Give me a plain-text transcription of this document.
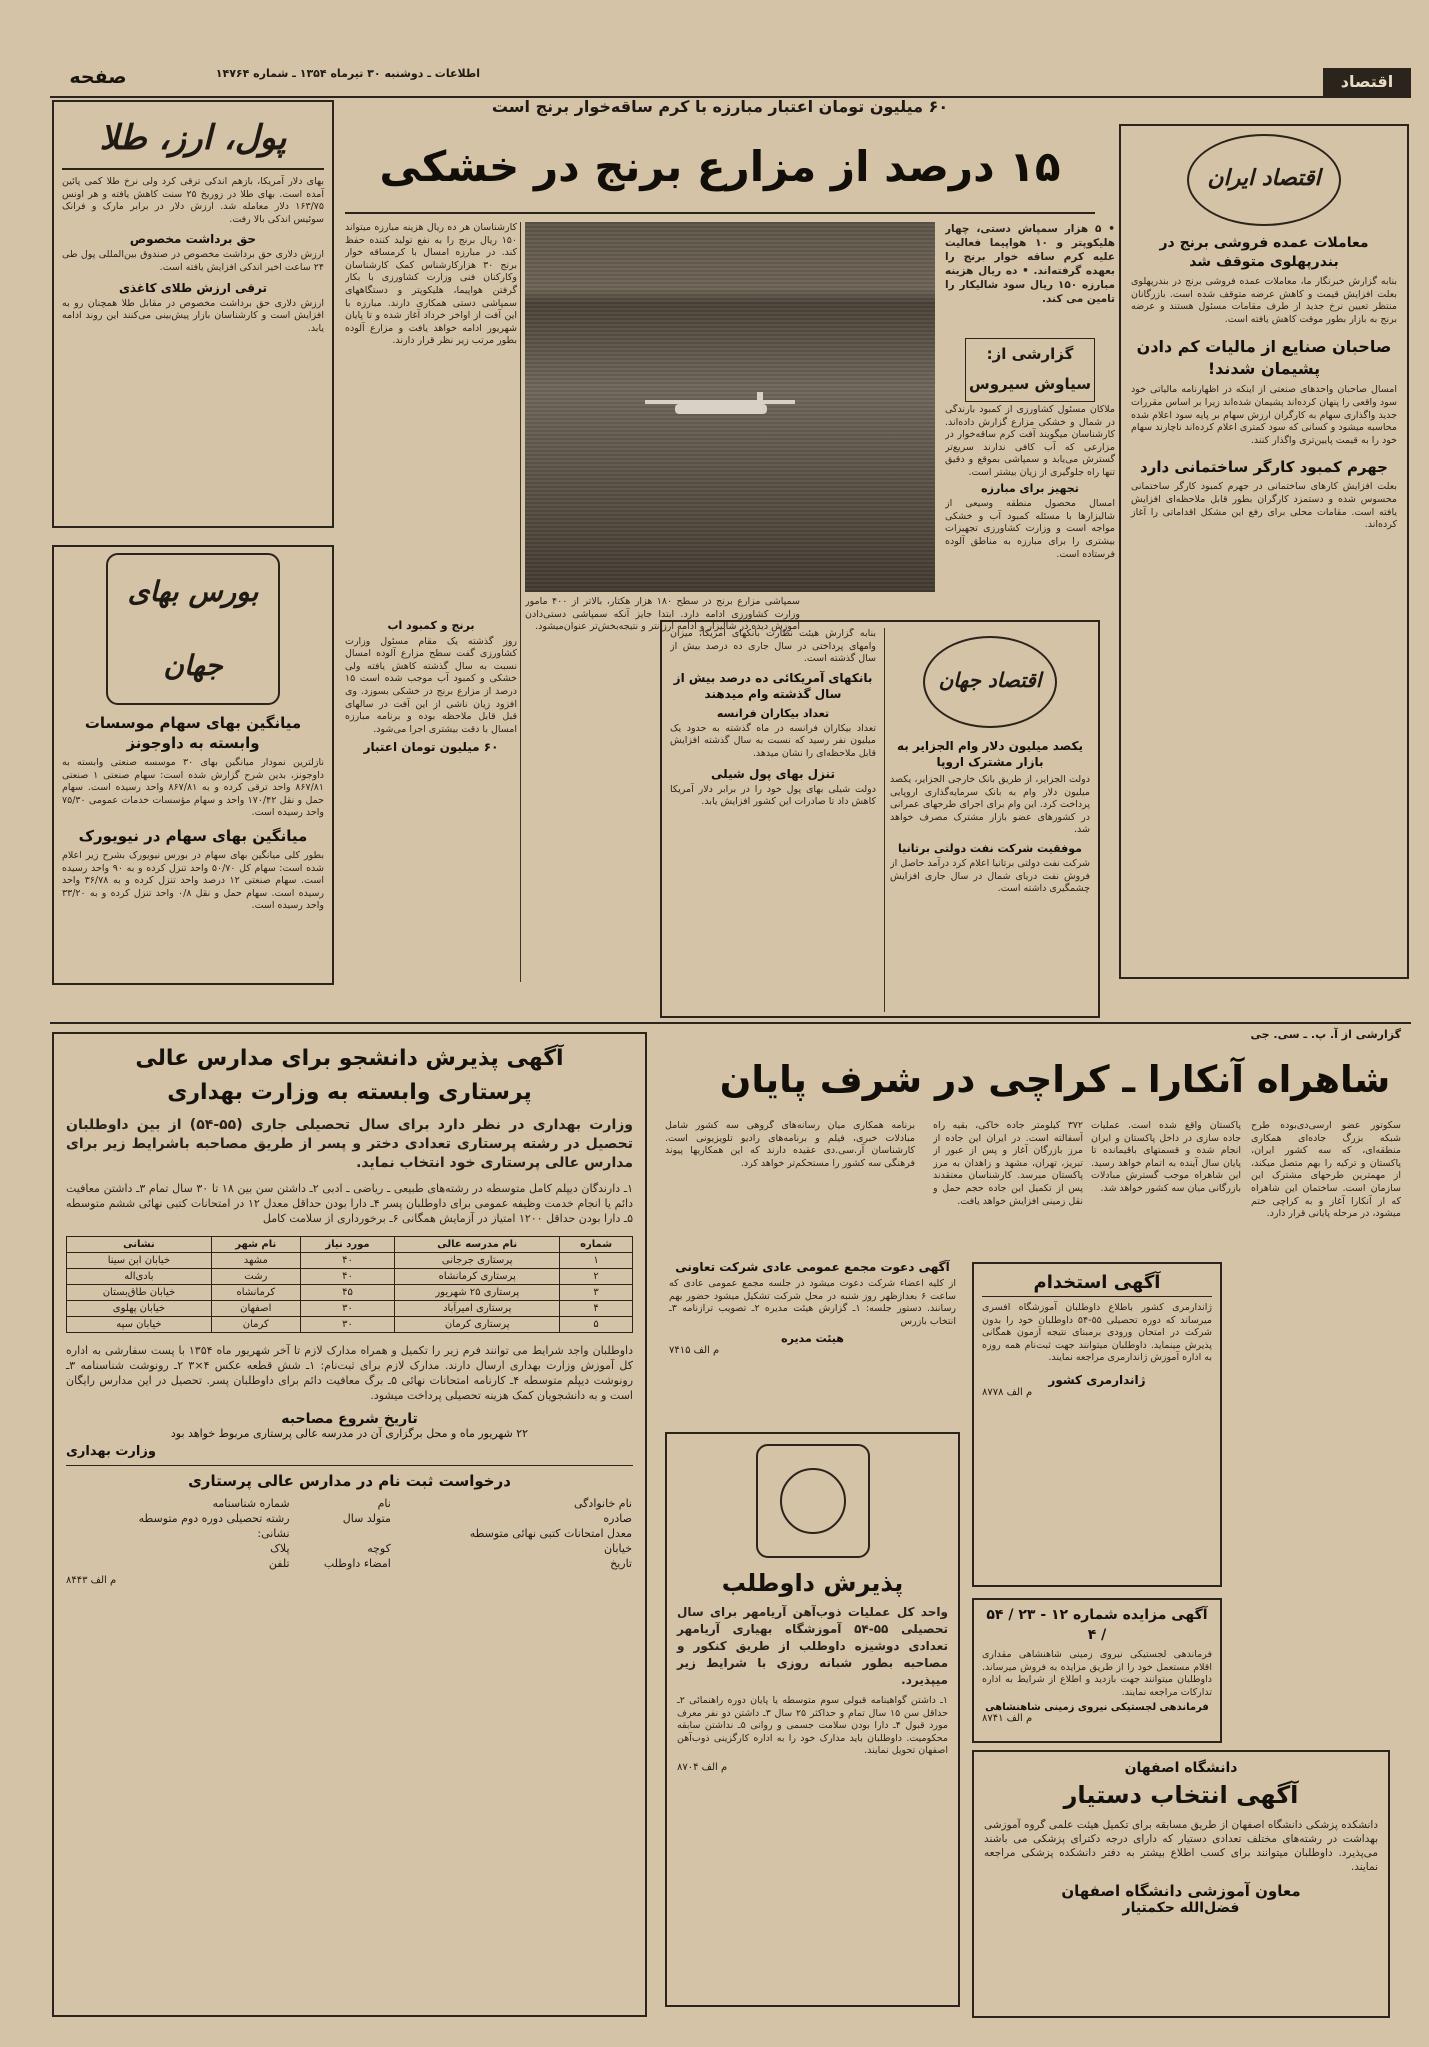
اقتصاد
صفحه	اطلاعات ـ دوشنبه ۳۰ تیرماه ۱۳۵۴ ـ شماره ۱۴۷۶۴
پول، ارز، طلا
بهای دلار آمریکا، بازهم اندکی ترقی کرد ولی نرخ طلا کمی پائین آمده است. بهای طلا در زوریخ ۲۵ سنت کاهش یافته و هر اونس ۱۶۳/۷۵ دلار معامله شد. ارزش دلار در برابر مارک و فرانک سوئیس اندکی بالا رفت.
حق برداشت مخصوص
ارزش دلاری حق برداشت مخصوص در صندوق بین‌المللی پول طی ۲۴ ساعت اخیر اندکی افزایش یافته است.
ترقی ارزش طلای کاغذی
ارزش دلاری حق برداشت مخصوص در مقابل طلا همچنان رو به افزایش است و کارشناسان بازار پیش‌بینی می‌کنند این روند ادامه یابد.
بورس بهای جهان
میانگین بهای سهام موسسات وابسته به داوجونز
نازلترین نمودار میانگین بهای ۳۰ موسسه صنعتی وابسته به داوجونز، بدین شرح گزارش شده است: سهام صنعتی ۱ صنعتی ۸۶۷/۸۱ واحد ترقی کرده و به ۸۶۷/۸۱ واحد رسیده است. سهام حمل و نقل ۱۷۰/۴۲ واحد و سهام مؤسسات خدمات عمومی ۷۵/۳۰ واحد رسیده است.
میانگین بهای سهام در نیویورک
بطور کلی میانگین بهای سهام در بورس نیویورک بشرح زیر اعلام شده است: سهام کل ۵۰/۷۰ واحد تنزل کرده و به ۹۰ واحد رسیده است. سهام صنعتی ۱۲ درصد واحد تنزل کرده و به ۳۶/۷۸ واحد رسیده است. سهام حمل و نقل ۰/۸ واحد تنزل کرده و به ۳۳/۲۰ واحد رسیده است.
۶۰ میلیون تومان اعتبار مبارزه با کرم ساقه‌خوار برنج است
۱۵ درصد از مزارع برنج در خشکی
سمپاشی مزارع برنج در سطح ۱۸۰ هزار هکتار، بالاتر از ۴۰۰ مامور وزارت کشاورزی ادامه دارد. ابتدا جایز آنکه سمپاشی دستی‌دادن آموزش دیده در شالیزار و ادامه ارزانتر و نتیجه‌بخش‌تر عنوان‌میشود.
• ۵ هزار سمپاش دستی، چهار هلیکوپتر و ۱۰ هواپیما فعالیت علیه کرم ساقه خوار برنج را بعهده گرفته‌اند. • ده ریال هزینه مبارزه ۱۵۰ ریال سود شالیکار را تامین می کند.
گزارشی از: سیاوش سیروس

ملاکان مسئول کشاورزی از کمبود بارندگی در شمال و خشکی مزارع گزارش داده‌اند. کارشناسان میگویند آفت کرم ساقه‌خوار در مزارعی که آب کافی ندارند سریع‌تر گسترش می‌یابد و سمپاشی بموقع و دقیق تنها راه جلوگیری از زیان بیشتر است.

تجهیز برای مبارزه

امسال محصول منطقه وسیعی از شالیزارها با مسئله کمبود آب و خشکی مواجه است و وزارت کشاورزی تجهیزات بیشتری را برای مبارزه به مناطق آلوده فرستاده است.

کارشناسان هر ده ریال هزینه مبارزه میتواند ۱۵۰ ریال برنج را به نفع تولید کننده حفظ کند. در مبارزه امسال با کرمساقه خوار برنج ۳۰ هزارکارشناس کمک کارشناسان وکارکنان فنی وزارت کشاورزی با بکار گرفتن هواپیما، هلیکوپتر و دستگاههای سمپاشی دستی همکاری دارند. مبارزه با این آفت از اواخر خرداد آغاز شده و تا پایان شهریور ادامه خواهد یافت و مزارع آلوده بطور مرتب زیر نظر قرار دارند.
برنج و کمبود آب

روز گذشته یک مقام مسئول وزارت کشاورزی گفت سطح مزارع آلوده امسال نسبت به سال گذشته کاهش یافته ولی خشکی و کمبود آب موجب شده است ۱۵ درصد از مزارع برنج در خشکی بسوزد. وی افزود زیان ناشی از این آفت در سالهای قبل قابل ملاحظه بوده و برنامه مبارزه امسال با دقت بیشتری اجرا می‌شود.

۶۰ میلیون تومان اعتبار
اقتصاد ایران
معاملات عمده فروشی برنج در بندرپهلوی متوقف شد
بنابه گزارش خبرنگار ما، معاملات عمده فروشی برنج در بندرپهلوی بعلت افزایش قیمت و کاهش عرضه متوقف شده است. بازرگانان منتظر تعیین نرخ جدید از طرف مقامات مسئول هستند و عرضه برنج به بازار بطور موقت کاهش یافته است.
صاحبان صنایع از مالیات کم دادن پشیمان شدند!
امسال صاحبان واحدهای صنعتی از اینکه در اظهارنامه مالیاتی خود سود واقعی را پنهان کرده‌اند پشیمان شده‌اند زیرا بر اساس مقررات جدید واگذاری سهام به کارگران ارزش سهام بر پایه سود اعلام شده محاسبه میشود و کسانی که سود کمتری اعلام کرده‌اند ناچارند سهام خود را به قیمت پایین‌تری واگذار کنند.
جهرم کمبود کارگر ساختمانی دارد
بعلت افزایش کارهای ساختمانی در جهرم کمبود کارگر ساختمانی محسوس شده و دستمزد کارگران بطور قابل ملاحظه‌ای افزایش یافته است. مقامات محلی برای رفع این مشکل اقداماتی را آغاز کرده‌اند.
اقتصاد جهان
یکصد میلیون دلار وام الجزایر به بازار مشترک اروپا
دولت الجزایر، از طریق بانک خارجی الجزایر، یکصد میلیون دلار وام به بانک سرمایه‌گذاری اروپایی پرداخت کرد. این وام برای اجرای طرحهای عمرانی در کشورهای عضو بازار مشترک مصرف خواهد شد.
موفقیت شرکت نفت دولتی برتانیا
شرکت نفت دولتی برتانیا اعلام کرد درآمد حاصل از فروش نفت دریای شمال در سال جاری افزایش چشمگیری داشته است.
بنابه گزارش هیئت نظارت بانکهای آمریکا، میزان وامهای پرداختی در سال جاری ده درصد بیش از سال گذشته است.
بانکهای آمریکائی ده درصد بیش از سال گذشته وام میدهند
تعداد بیکاران فرانسه
تعداد بیکاران فرانسه در ماه گذشته به حدود یک میلیون نفر رسید که نسبت به سال گذشته افزایش قابل ملاحظه‌ای را نشان میدهد.
تنزل بهای پول شیلی
دولت شیلی بهای پول خود را در برابر دلار آمریکا کاهش داد تا صادرات این کشور افزایش یابد.
گزارشی از آ. پ. ـ سی. جی
شاهراه آنکارا ـ کراچی در شرف پایان
سکوتور عضو آرسی‌دی‌بوده طرح شبکه بزرگ جاده‌ای همکاری منطقه‌ای، که سه کشور ایران، پاکستان و ترکیه را بهم متصل میکند، از مهمترین طرحهای مشترک این سازمان است. ساختمان این شاهراه که از آنکارا آغاز و به کراچی ختم میشود، در مرحله پایانی قرار دارد.
پاکستان واقع شده است. عملیات جاده سازی در داخل پاکستان و ایران انجام شده و قسمتهای باقیمانده تا پایان سال آینده به اتمام خواهد رسید. این شاهراه موجب گسترش مبادلات بازرگانی میان سه کشور خواهد شد.
۳۷۲ کیلومتر جاده خاکی، بقیه راه آسفالته است. در ایران این جاده از مرز بازرگان آغاز و پس از عبور از تبریز، تهران، مشهد و زاهدان به مرز پاکستان میرسد. کارشناسان معتقدند پس از تکمیل این جاده حجم حمل و نقل زمینی افزایش خواهد یافت.
برنامه همکاری میان رسانه‌های گروهی سه کشور شامل مبادلات خبری، فیلم و برنامه‌های رادیو تلویزیونی است. کارشناسان آر.سی.دی عقیده دارند که این همکاریها پیوند فرهنگی سه کشور را مستحکم‌تر خواهد کرد.
آگهی دعوت مجمع عمومی عادی شرکت تعاونی
از کلیه اعضاء شرکت دعوت میشود در جلسه مجمع عمومی عادی که ساعت ۶ بعدازظهر روز شنبه در محل شرکت تشکیل میشود حضور بهم رسانند. دستور جلسه: ۱ـ گزارش هیئت مدیره ۲ـ تصویب ترازنامه ۳ـ انتخاب بازرس
هیئت مدیره
م الف ۷۴۱۵
آگهی استخدام
ژاندارمری کشور باطلاع داوطلبان آموزشگاه افسری میرساند که دوره تحصیلی ۵۵-۵۴ داوطلبان خود را بدون شرکت در امتحان ورودی برمبنای نتیجه آزمون همگانی پذیرش مینماید. داوطلبان میتوانند جهت ثبت‌نام همه روزه به اداره آموزش ژاندارمری مراجعه نمایند.
ژاندارمری کشور
م الف ۸۷۷۸
آگهی مزایده شماره ۱۲ - ۲۳ / ۵۴ / ۴
فرماندهی لجستیکی نیروی زمینی شاهنشاهی مقداری اقلام مستعمل خود را از طریق مزایده به فروش میرساند. داوطلبان میتوانند جهت بازدید و اطلاع از شرایط به اداره تدارکات مراجعه نمایند.
فرماندهی لجستیکی نیروی زمینی شاهنشاهی
م الف ۸۷۴۱
پذیرش داوطلب
واحد کل عملیات ذوب‌آهن آریامهر برای سال تحصیلی ۵۵-۵۴ آموزشگاه بهیاری آریامهر تعدادی دوشیزه داوطلب از طریق کنکور و مصاحبه بطور شبانه روزی با شرایط زیر میپذیرد.
۱ـ داشتن گواهینامه قبولی سوم متوسطه یا پایان دوره راهنمائی ۲ـ حداقل سن ۱۵ سال تمام و حداکثر ۲۵ سال ۳ـ داشتن دو نفر معرف مورد قبول ۴ـ دارا بودن سلامت جسمی و روانی ۵ـ نداشتن سابقه محکومیت. داوطلبان باید مدارک خود را به اداره کارگزینی ذوب‌آهن اصفهان تحویل نمایند.
م الف ۸۷۰۴	دانشگاه اصفهان
آگهی انتخاب دستیار
دانشکده پزشکی دانشگاه اصفهان از طریق مسابقه برای تکمیل هیئت علمی گروه آموزشی بهداشت در رشته‌های مختلف تعدادی دستیار که دارای درجه دکترای پزشکی می باشند می‌پذیرد. داوطلبان میتوانند برای کسب اطلاع بیشتر به دفتر دانشکده پزشکی مراجعه نمایند.
معاون آموزشی دانشگاه اصفهان
فضل‌الله حکمتیار
آگهی پذیرش دانشجو برای مدارس عالی
پرستاری وابسته به وزارت بهداری
وزارت بهداری در نظر دارد برای سال تحصیلی جاری (۵۵-۵۴) از بین داوطلبان تحصیل در رشته پرستاری تعدادی دختر و پسر از طریق مصاحبه باشرایط زیر برای مدارس عالی پرستاری خود انتخاب نماید.
۱ـ دارندگان دیپلم کامل متوسطه در رشته‌های طبیعی ـ ریاضی ـ ادبی ۲ـ داشتن سن بین ۱۸ تا ۳۰ سال تمام ۳ـ داشتن معافیت دائم یا انجام خدمت وظیفه عمومی برای داوطلبان پسر ۴ـ دارا بودن حداقل معدل ۱۲ در امتحانات کتبی نهائی ششم متوسطه ۵ـ دارا بودن حداقل ۱۲۰۰ امتیاز در آزمایش همگانی ۶ـ برخورداری از سلامت کامل
شماره	نام مدرسه عالی	مورد نیاز	نام شهر	نشانی
۱	پرستاری جرجانی	۴۰	مشهد	خیابان ابن سینا
۲	پرستاری کرمانشاه	۴۰	رشت	بادی‌اله
۳	پرستاری ۲۵ شهریور	۴۵	کرمانشاه	خیابان طاق‌بستان
۴	پرستاری امیرآباد	۳۰	اصفهان	خیابان پهلوی
۵	پرستاری کرمان	۳۰	کرمان	خیابان سپه
داوطلبان واجد شرایط می توانند فرم زیر را تکمیل و همراه مدارک لازم تا آخر شهریور ماه ۱۳۵۴ با پست سفارشی به اداره کل آموزش وزارت بهداری ارسال دارند. مدارک لازم برای ثبت‌نام: ۱ـ شش قطعه عکس ۴×۳ ۲ـ رونوشت شناسنامه ۳ـ رونوشت دیپلم متوسطه ۴ـ کارنامه امتحانات نهائی ۵ـ برگ معافیت دائم برای داوطلبان پسر. تحصیل در این مدارس رایگان است و به دانشجویان کمک هزینه تحصیلی پرداخت میشود.
تاریخ شروع مصاحبه
۲۲ شهریور ماه و محل برگزاری آن در مدرسه عالی پرستاری مربوط خواهد بود
وزارت بهداری
درخواست ثبت نام در مدارس عالی پرستاری
نام خانوادگی	نام	شماره شناسنامه
صادره	متولد سال	رشته تحصیلی دوره دوم متوسطه
معدل امتحانات کتبی نهائی متوسطه		نشانی:
خیابان	کوچه	پلاک
تاریخ	امضاء داوطلب	تلفن
م الف ۸۴۴۳
